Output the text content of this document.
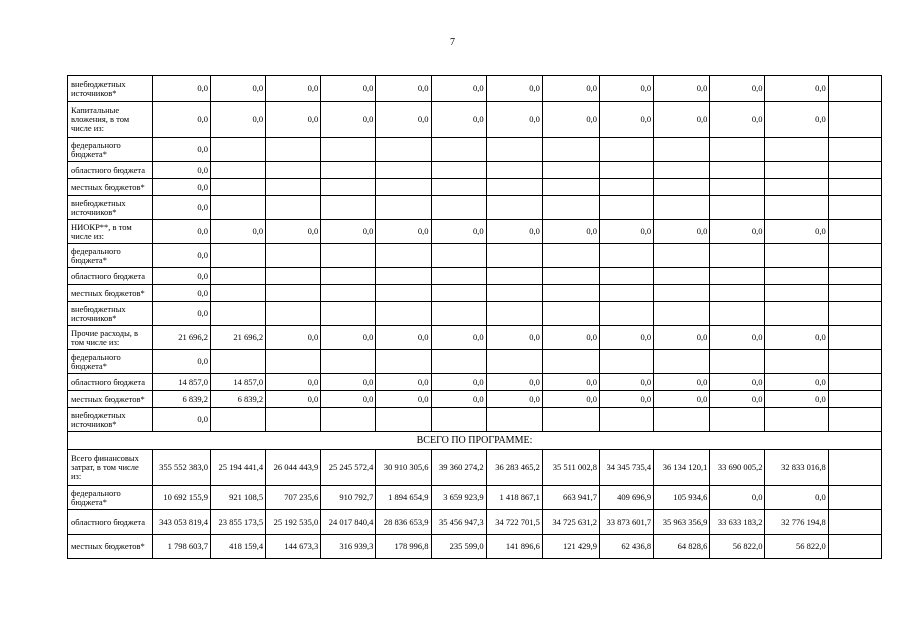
7
внебюджетных источников*	0,0	0,0	0,0	0,0	0,0	0,0	0,0	0,0	0,0	0,0	0,0	0,0	
Капитальные вложения, в том числе из:	0,0	0,0	0,0	0,0	0,0	0,0	0,0	0,0	0,0	0,0	0,0	0,0	
федерального бюджета*	0,0												
областного бюджета	0,0												
местных бюджетов*	0,0												
внебюджетных источников*	0,0												
НИОКР**, в том числе из:	0,0	0,0	0,0	0,0	0,0	0,0	0,0	0,0	0,0	0,0	0,0	0,0	
федерального бюджета*	0,0												
областного бюджета	0,0												
местных бюджетов*	0,0												
внебюджетных источников*	0,0												
Прочие расходы, в том числе из:	21 696,2	21 696,2	0,0	0,0	0,0	0,0	0,0	0,0	0,0	0,0	0,0	0,0	
федерального бюджета*	0,0												
областного бюджета	14 857,0	14 857,0	0,0	0,0	0,0	0,0	0,0	0,0	0,0	0,0	0,0	0,0	
местных бюджетов*	6 839,2	6 839,2	0,0	0,0	0,0	0,0	0,0	0,0	0,0	0,0	0,0	0,0	
внебюджетных источников*	0,0												
ВСЕГО ПО ПРОГРАММЕ:													
Всего финансовых затрат, в том числе из:	355 552 383,0	25 194 441,4	26 044 443,9	25 245 572,4	30 910 305,6	39 360 274,2	36 283 465,2	35 511 002,8	34 345 735,4	36 134 120,1	33 690 005,2	32 833 016,8	
федерального бюджета*	10 692 155,9	921 108,5	707 235,6	910 792,7	1 894 654,9	3 659 923,9	1 418 867,1	663 941,7	409 696,9	105 934,6	0,0	0,0	
областного бюджета	343 053 819,4	23 855 173,5	25 192 535,0	24 017 840,4	28 836 653,9	35 456 947,3	34 722 701,5	34 725 631,2	33 873 601,7	35 963 356,9	33 633 183,2	32 776 194,8	
местных бюджетов*	1 798 603,7	418 159,4	144 673,3	316 939,3	178 996,8	235 599,0	141 896,6	121 429,9	62 436,8	64 828,6	56 822,0	56 822,0	
